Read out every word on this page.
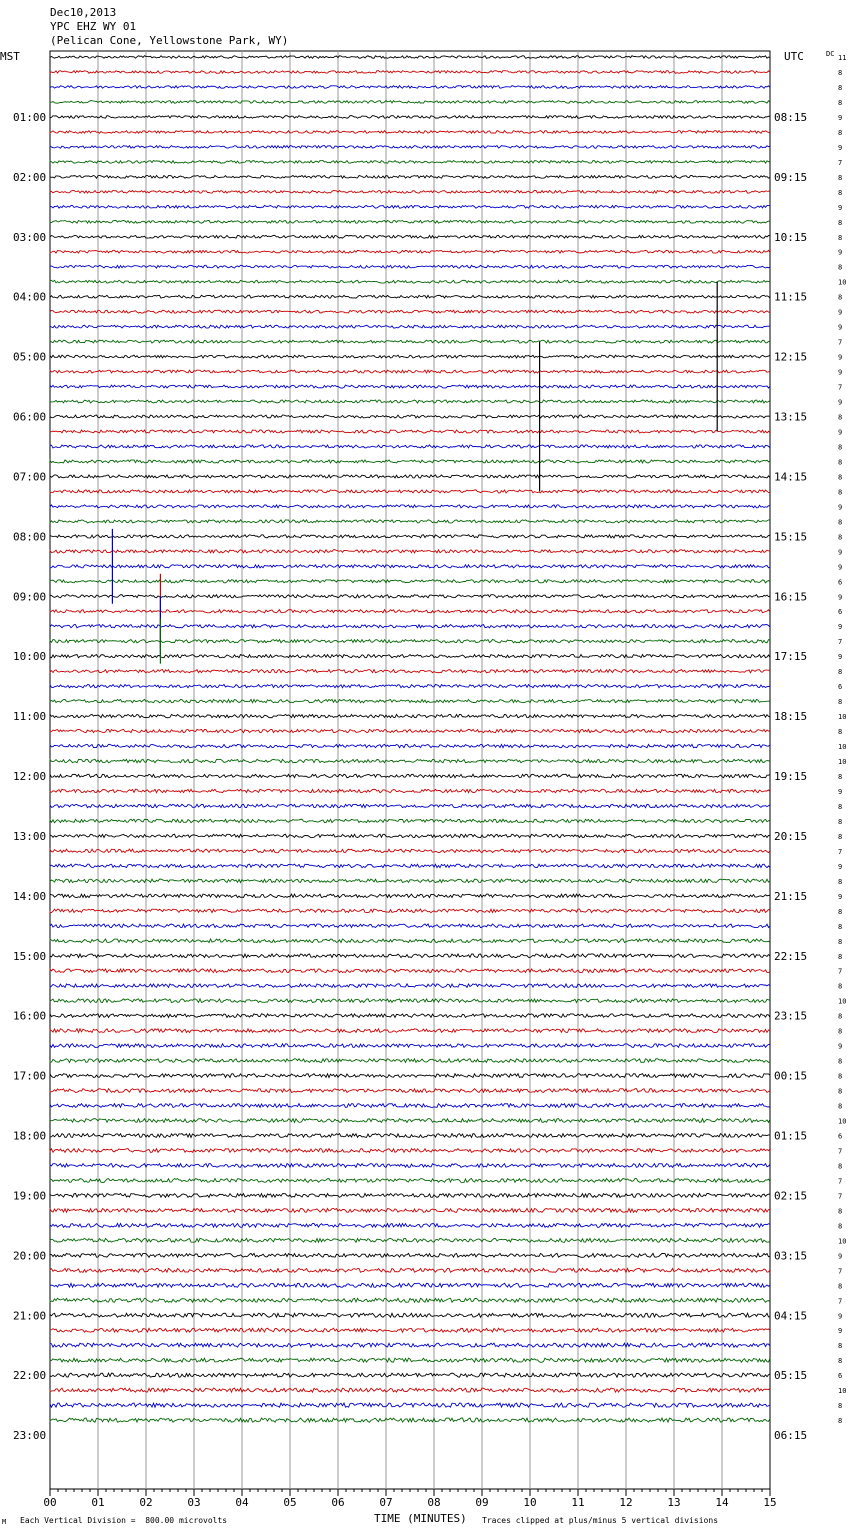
Dec10,2013
YPC EHZ WY 01
(Pelican Cone, Yellowstone Park, WY)
MST	UTC	DC
01:00	08:15
02:00	09:15
03:00	10:15
04:00	11:15
05:00	12:15
06:00	13:15
07:00	14:15
08:00	15:15
09:00	16:15
10:00	17:15
11:00	18:15
12:00	19:15
13:00	20:15
14:00	21:15
15:00	22:15
16:00	23:15
17:00	00:15
18:00	01:15
19:00	02:15
20:00	03:15
21:00	04:15
22:00	05:15
23:00	06:15
11
8
8
8
9
8
9
7
8
8
9
8
8
9
8
10
8
9
9
7
9
9
7
9
8
9
8
8
8
8
9
8
8
9
9
6
9
6
9
7
9
8
6
8
10
8
10
10
8
9
8
8
8
7
9
8
9
8
8
8
8
7
8
10
8
8
9
8
8
8
8
10
6
7
8
7
7
8
8
10
9
7
8
7
9
9
8
8
6
10
8
8
00	01	02	03	04	05	06	07	08	09	10	11	12	13	14	15
M Each Vertical Division =  800.00 microvolts	TIME (MINUTES) Traces clipped at plus/minus 5 vertical divisions
